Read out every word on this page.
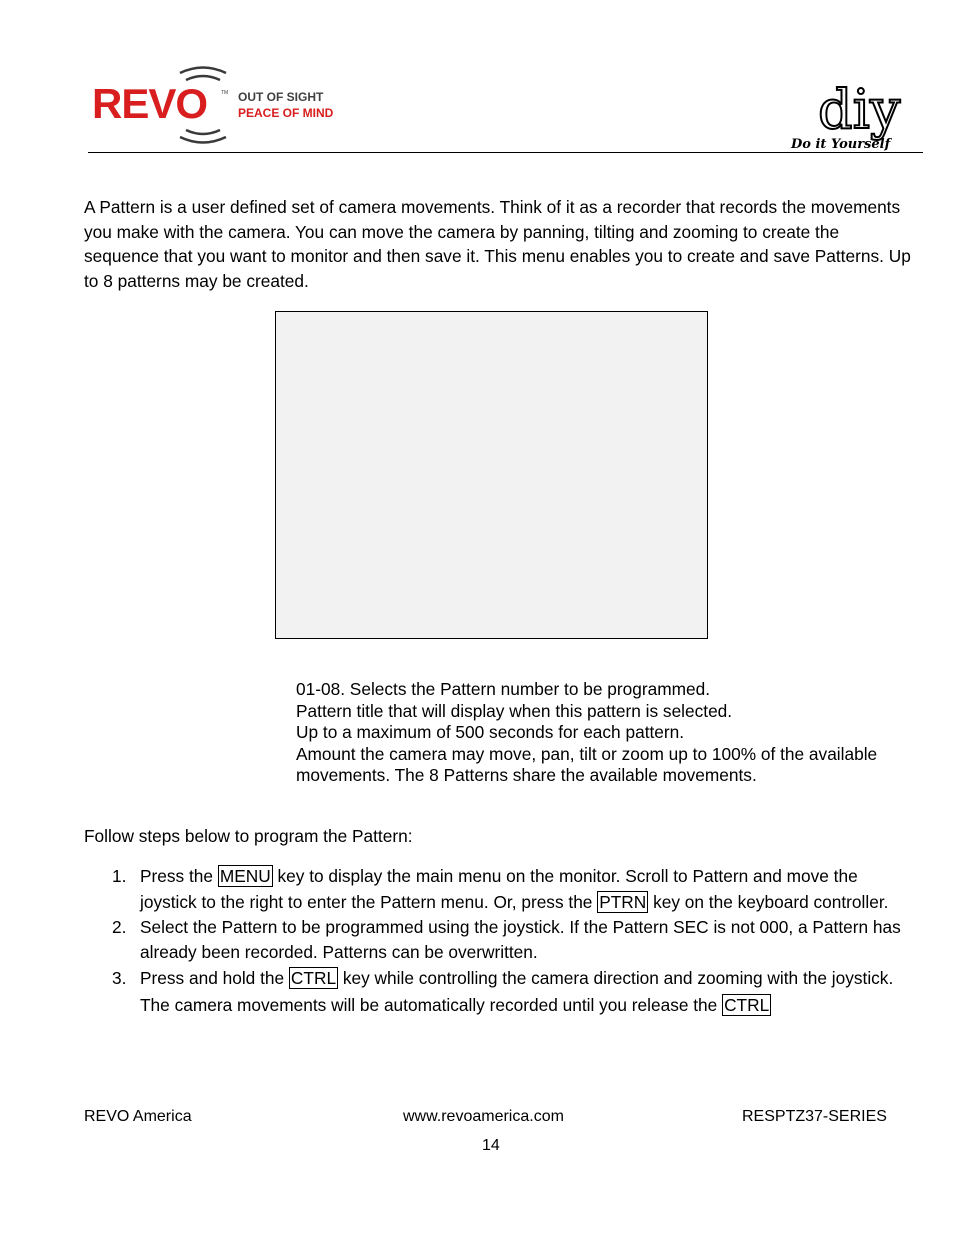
REVO	TM OUT OF SIGHT
PEACE OF MIND	diy
Do it Yourself
A Pattern is a user defined set of camera movements. Think of it as a recorder that records the movements you make with the camera. You can move the camera by panning, tilting and zooming to create the sequence that you want to monitor and then save it. This menu enables you to create and save Patterns. Up to 8 patterns may be created.
01-08. Selects the Pattern number to be programmed.
Pattern title that will display when this pattern is selected.
Up to a maximum of 500 seconds for each pattern.
Amount the camera may move, pan, tilt or zoom up to 100% of the available movements. The 8 Patterns share the available movements.
Follow steps below to program the Pattern:
1. Press the MENU key to display the main menu on the monitor. Scroll to Pattern and move the joystick to the right to enter the Pattern menu. Or, press the PTRN key on the keyboard controller.
2. Select the Pattern to be programmed using the joystick. If the Pattern SEC is not 000, a Pattern has already been recorded. Patterns can be overwritten.
3. Press and hold the CTRL key while controlling the camera direction and zooming with the joystick. The camera movements will be automatically recorded until you release the CTRL
REVO America	www.revoamerica.com	RESPTZ37-SERIES
14
